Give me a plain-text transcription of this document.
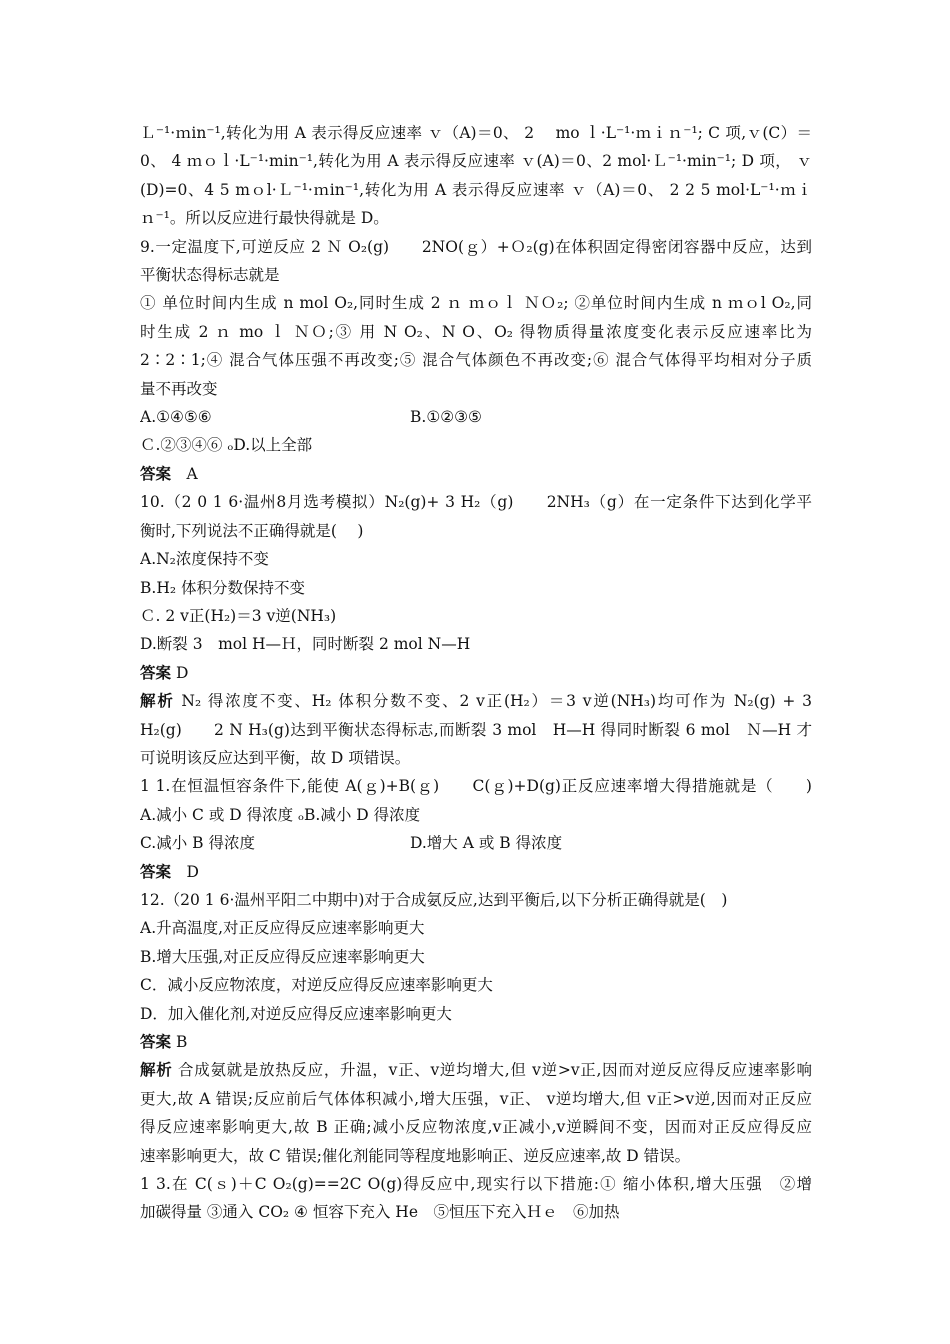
Ｌ⁻¹·ｍin⁻¹,转化为用 A 表示得反应速率 ｖ（A)＝0、 2　 mo ｌ·L⁻¹·ｍｉｎ⁻¹; C 项,ｖ(C）＝
0、 4 ｍｏｌ·L⁻¹·min⁻¹,转化为用 A 表示得反应速率 ｖ(A)＝0、2 mol·Ｌ⁻¹·min⁻¹; D 项， ｖ
(D)=0、4 5 mｏl·Ｌ⁻¹·ｍin⁻¹,转化为用 A 表示得反应速率 ｖ（A)＝0、 2 2 5 mol·L⁻¹·ｍｉ
ｎ⁻¹。所以反应进行最快得就是 D。
9.一定温度下,可逆反应 2 Ｎ O₂(g)　　2NO(ｇ）+Ｏ₂(g)在体积固定得密闭容器中反应，达到
平衡状态得标志就是
① 单位时间内生成 n mol O₂,同时生成 2 ｎ ｍｏｌ ＮＯ₂; ②单位时间内生成 n ｍｏl O₂,同
时生成 2 ｎ mo ｌ ＮＯ;③ 用 N O₂、N O、O₂ 得物质得量浓度变化表示反应速率比为
2∶2∶1;④ 混合气体压强不再改变;⑤ 混合气体颜色不再改变;⑥ 混合气体得平均相对分子质
量不再改变
A.①④⑤⑥	B.①②③⑤
Ｃ.②③④⑥ ₒD.以上全部
答案　 A
10.（2 0 1 6·温州8月选考模拟）N₂(g)+ 3 H₂（g)　　2NH₃（g）在一定条件下达到化学平
衡时,下列说法不正确得就是(　 )
A.N₂浓度保持不变
B.H₂ 体积分数保持不变
Ｃ. 2 v正(H₂)＝3 v逆(NH₃)
D.断裂 3　mol H—Ｈ，同时断裂 2 mol N—H
答案 D
解析 N₂ 得浓度不变、H₂ 体积分数不变、2 v正(H₂）＝3 v逆(NH₃)均可作为 N₂(g) + 3
H₂(g)　　2 N H₃(g)达到平衡状态得标志,而断裂 3 mol　H—H 得同时断裂 6 mol　Ｎ—H 才
可说明该反应达到平衡，故 D 项错误。
1 1.在恒温恒容条件下,能使 A(ｇ)+B(ｇ)　　C(ｇ)+D(g)正反应速率增大得措施就是（　　)
A.减小 C 或 D 得浓度 ₒB.减小 D 得浓度
C.减小 B 得浓度	D.增大 A 或 B 得浓度
答案　 D
12.（20 1 6·温州平阳二中期中)对于合成氨反应,达到平衡后,以下分析正确得就是(　)
A.升高温度,对正反应得反应速率影响更大
B.增大压强,对正反应得反应速率影响更大
C．减小反应物浓度，对逆反应得反应速率影响更大
D．加入催化剂,对逆反应得反应速率影响更大
答案 B
解析 合成氨就是放热反应，升温，v正、v逆均增大,但 v逆>v正,因而对逆反应得反应速率影响
更大,故 A 错误;反应前后气体体积减小,增大压强，v正、 v逆均增大,但 v正>v逆,因而对正反应
得反应速率影响更大,故 B 正确;减小反应物浓度,v正减小,v逆瞬间不变，因而对正反应得反应
速率影响更大，故 C 错误;催化剂能同等程度地影响正、逆反应速率,故 D 错误。
1 3.在 C(ｓ)＋C O₂(g)==2C O(g)得反应中,现实行以下措施:① 缩小体积,增大压强　②增
加碳得量 ③通入 CO₂ ④ 恒容下充入 He　⑤恒压下充入Ｈｅ　⑥加热
